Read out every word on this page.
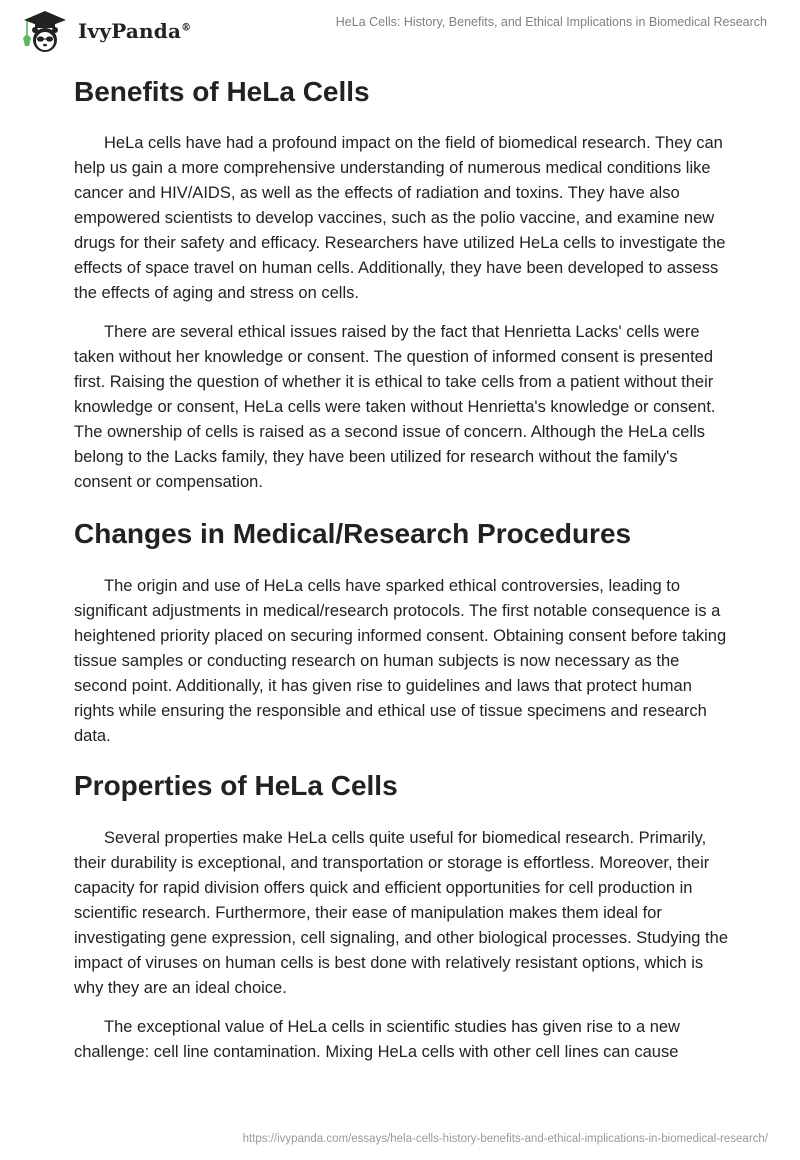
IvyPanda®	HeLa Cells: History, Benefits, and Ethical Implications in Biomedical Research
Benefits of HeLa Cells

HeLa cells have had a profound impact on the field of biomedical research. They can help us gain a more comprehensive understanding of numerous medical conditions like cancer and HIV/AIDS, as well as the effects of radiation and toxins. They have also empowered scientists to develop vaccines, such as the polio vaccine, and examine new drugs for their safety and efficacy. Researchers have utilized HeLa cells to investigate the effects of space travel on human cells. Additionally, they have been developed to assess the effects of aging and stress on cells.

There are several ethical issues raised by the fact that Henrietta Lacks' cells were taken without her knowledge or consent. The question of informed consent is presented first. Raising the question of whether it is ethical to take cells from a patient without their knowledge or consent, HeLa cells were taken without Henrietta's knowledge or consent. The ownership of cells is raised as a second issue of concern. Although the HeLa cells belong to the Lacks family, they have been utilized for research without the family's consent or compensation.

Changes in Medical/Research Procedures

The origin and use of HeLa cells have sparked ethical controversies, leading to significant adjustments in medical/research protocols. The first notable consequence is a heightened priority placed on securing informed consent. Obtaining consent before taking tissue samples or conducting research on human subjects is now necessary as the second point. Additionally, it has given rise to guidelines and laws that protect human rights while ensuring the responsible and ethical use of tissue specimens and research data.

Properties of HeLa Cells

Several properties make HeLa cells quite useful for biomedical research. Primarily, their durability is exceptional, and transportation or storage is effortless. Moreover, their capacity for rapid division offers quick and efficient opportunities for cell production in scientific research. Furthermore, their ease of manipulation makes them ideal for investigating gene expression, cell signaling, and other biological processes. Studying the impact of viruses on human cells is best done with relatively resistant options, which is why they are an ideal choice.

The exceptional value of HeLa cells in scientific studies has given rise to a new challenge: cell line contamination. Mixing HeLa cells with other cell lines can cause

https://ivypanda.com/essays/hela-cells-history-benefits-and-ethical-implications-in-biomedical-research/
